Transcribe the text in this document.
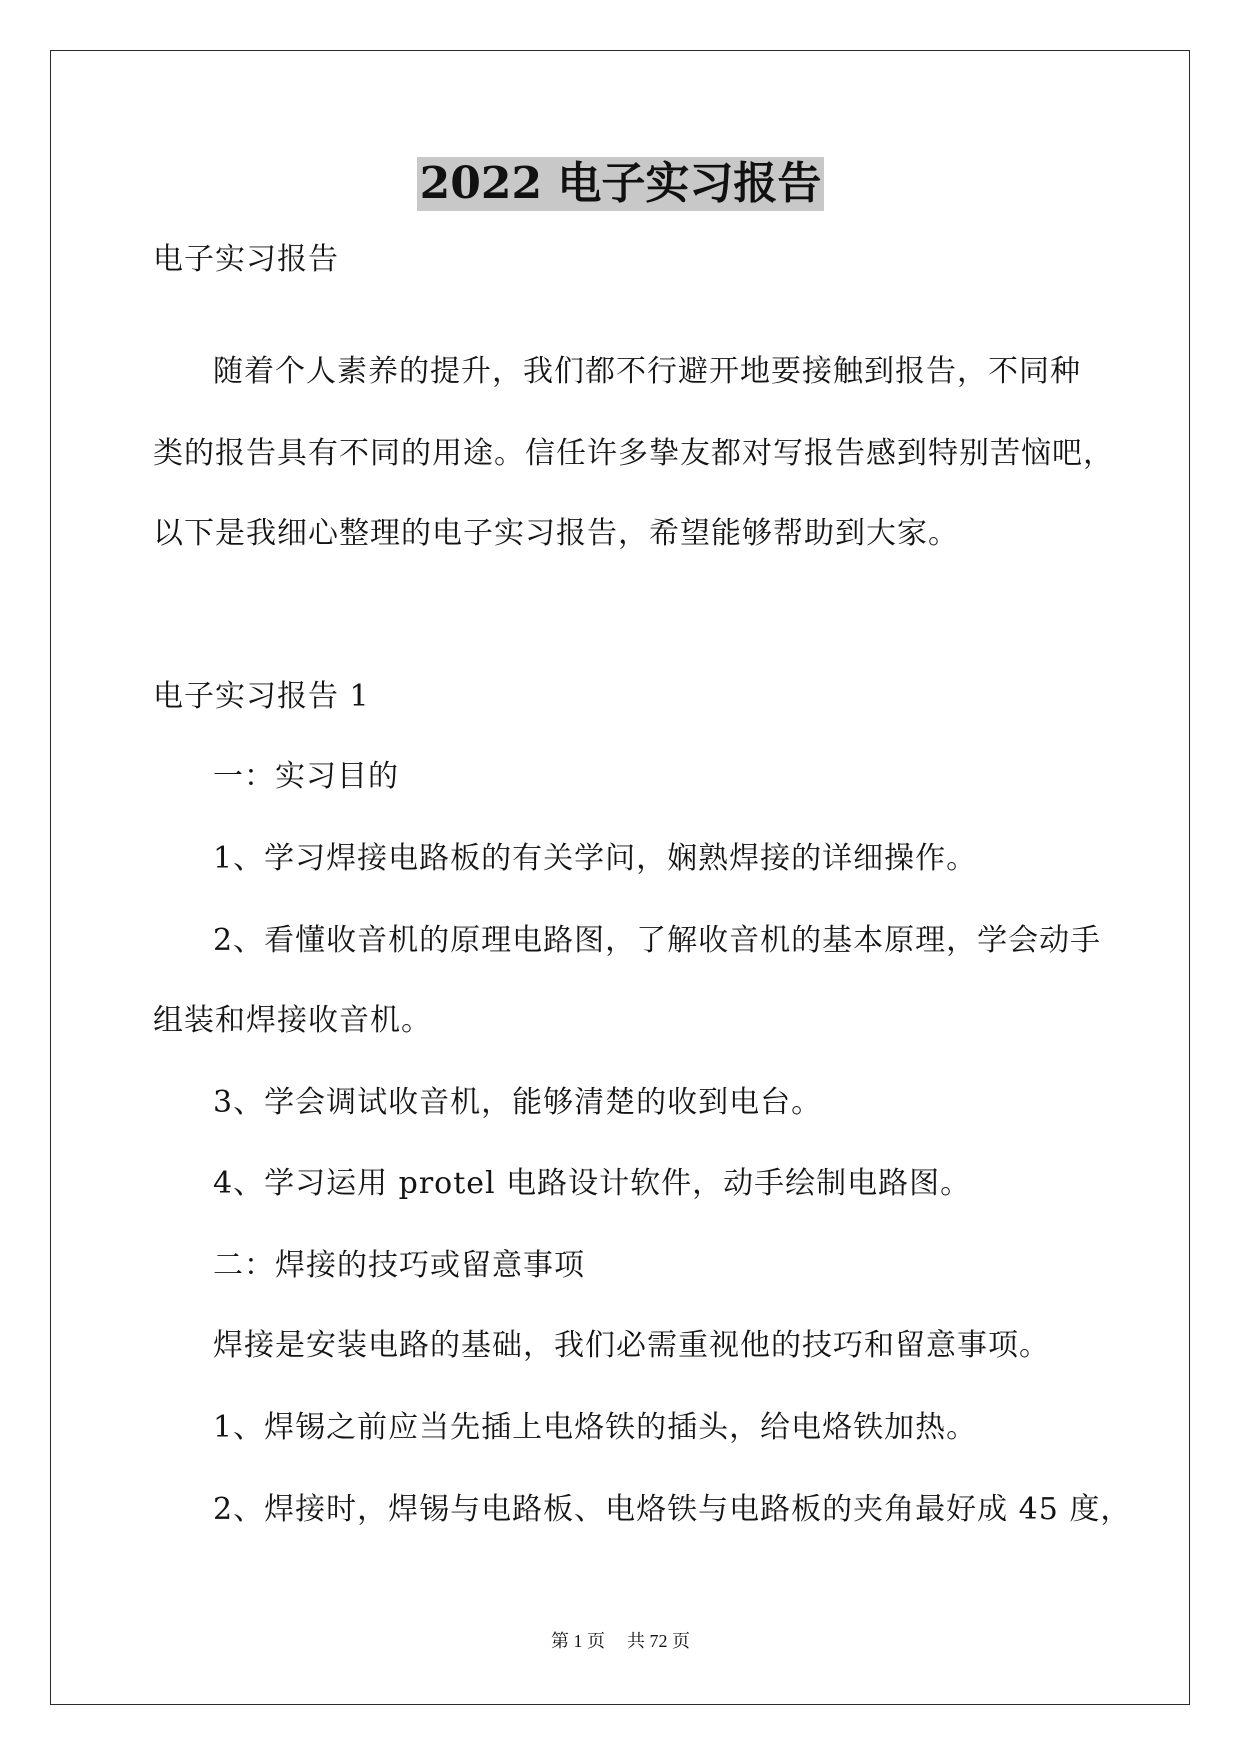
2022 电子实习报告
电子实习报告
随着个人素养的提升，我们都不行避开地要接触到报告，不同种
类的报告具有不同的用途。信任许多挚友都对写报告感到特别苦恼吧，
以下是我细心整理的电子实习报告，希望能够帮助到大家。
电子实习报告 1
一：实习目的
1、学习焊接电路板的有关学问，娴熟焊接的详细操作。
2、看懂收音机的原理电路图，了解收音机的基本原理，学会动手
组装和焊接收音机。
3、学会调试收音机，能够清楚的收到电台。
4、学习运用 protel 电路设计软件，动手绘制电路图。
二：焊接的技巧或留意事项
焊接是安装电路的基础，我们必需重视他的技巧和留意事项。
1、焊锡之前应当先插上电烙铁的插头，给电烙铁加热。
2、焊接时，焊锡与电路板、电烙铁与电路板的夹角最好成 45 度，
第 1 页 共 72 页
